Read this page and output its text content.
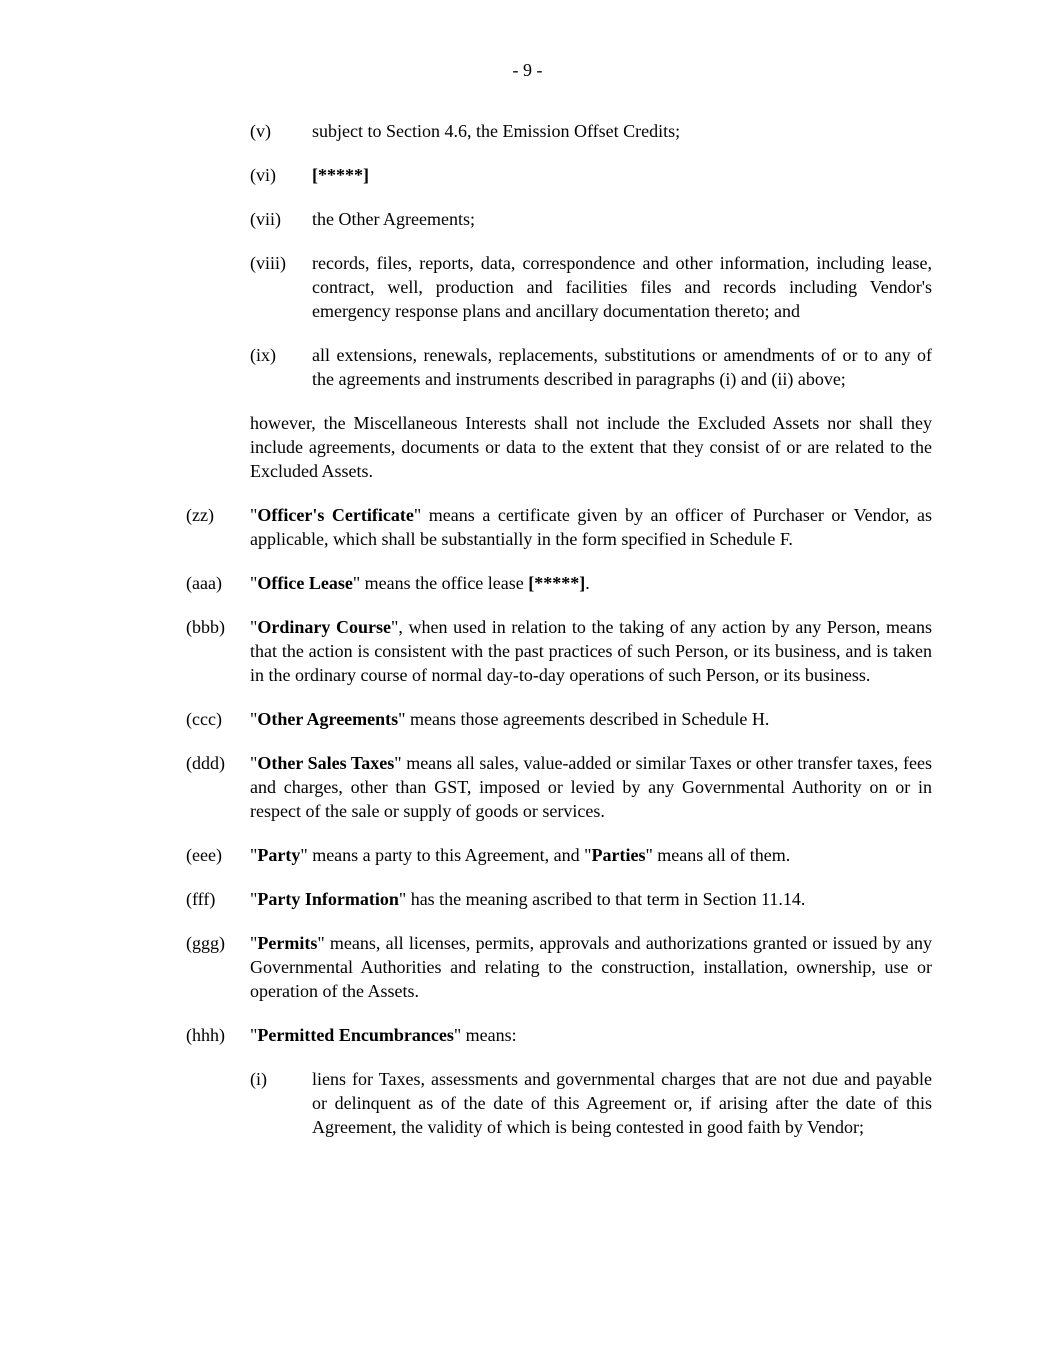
- 9 -
(v)	subject to Section 4.6, the Emission Offset Credits;
(vi)	[*****]
(vii)	the Other Agreements;
(viii)	records, files, reports, data, correspondence and other information, including lease, contract, well, production and facilities files and records including Vendor's emergency response plans and ancillary documentation thereto; and
(ix)	all extensions, renewals, replacements, substitutions or amendments of or to any of the agreements and instruments described in paragraphs (i) and (ii) above;
however, the Miscellaneous Interests shall not include the Excluded Assets nor shall they include agreements, documents or data to the extent that they consist of or are related to the Excluded Assets.
(zz)	"Officer's Certificate" means a certificate given by an officer of Purchaser or Vendor, as applicable, which shall be substantially in the form specified in Schedule F.
(aaa)	"Office Lease" means the office lease [*****].
(bbb)	"Ordinary Course", when used in relation to the taking of any action by any Person, means that the action is consistent with the past practices of such Person, or its business, and is taken in the ordinary course of normal day-to-day operations of such Person, or its business.
(ccc)	"Other Agreements" means those agreements described in Schedule H.
(ddd)	"Other Sales Taxes" means all sales, value-added or similar Taxes or other transfer taxes, fees and charges, other than GST, imposed or levied by any Governmental Authority on or in respect of the sale or supply of goods or services.
(eee)	"Party" means a party to this Agreement, and "Parties" means all of them.
(fff)	"Party Information" has the meaning ascribed to that term in Section 11.14.
(ggg)	"Permits" means, all licenses, permits, approvals and authorizations granted or issued by any Governmental Authorities and relating to the construction, installation, ownership, use or operation of the Assets.
(hhh)	"Permitted Encumbrances" means:
(i)	liens for Taxes, assessments and governmental charges that are not due and payable or delinquent as of the date of this Agreement or, if arising after the date of this Agreement, the validity of which is being contested in good faith by Vendor;
